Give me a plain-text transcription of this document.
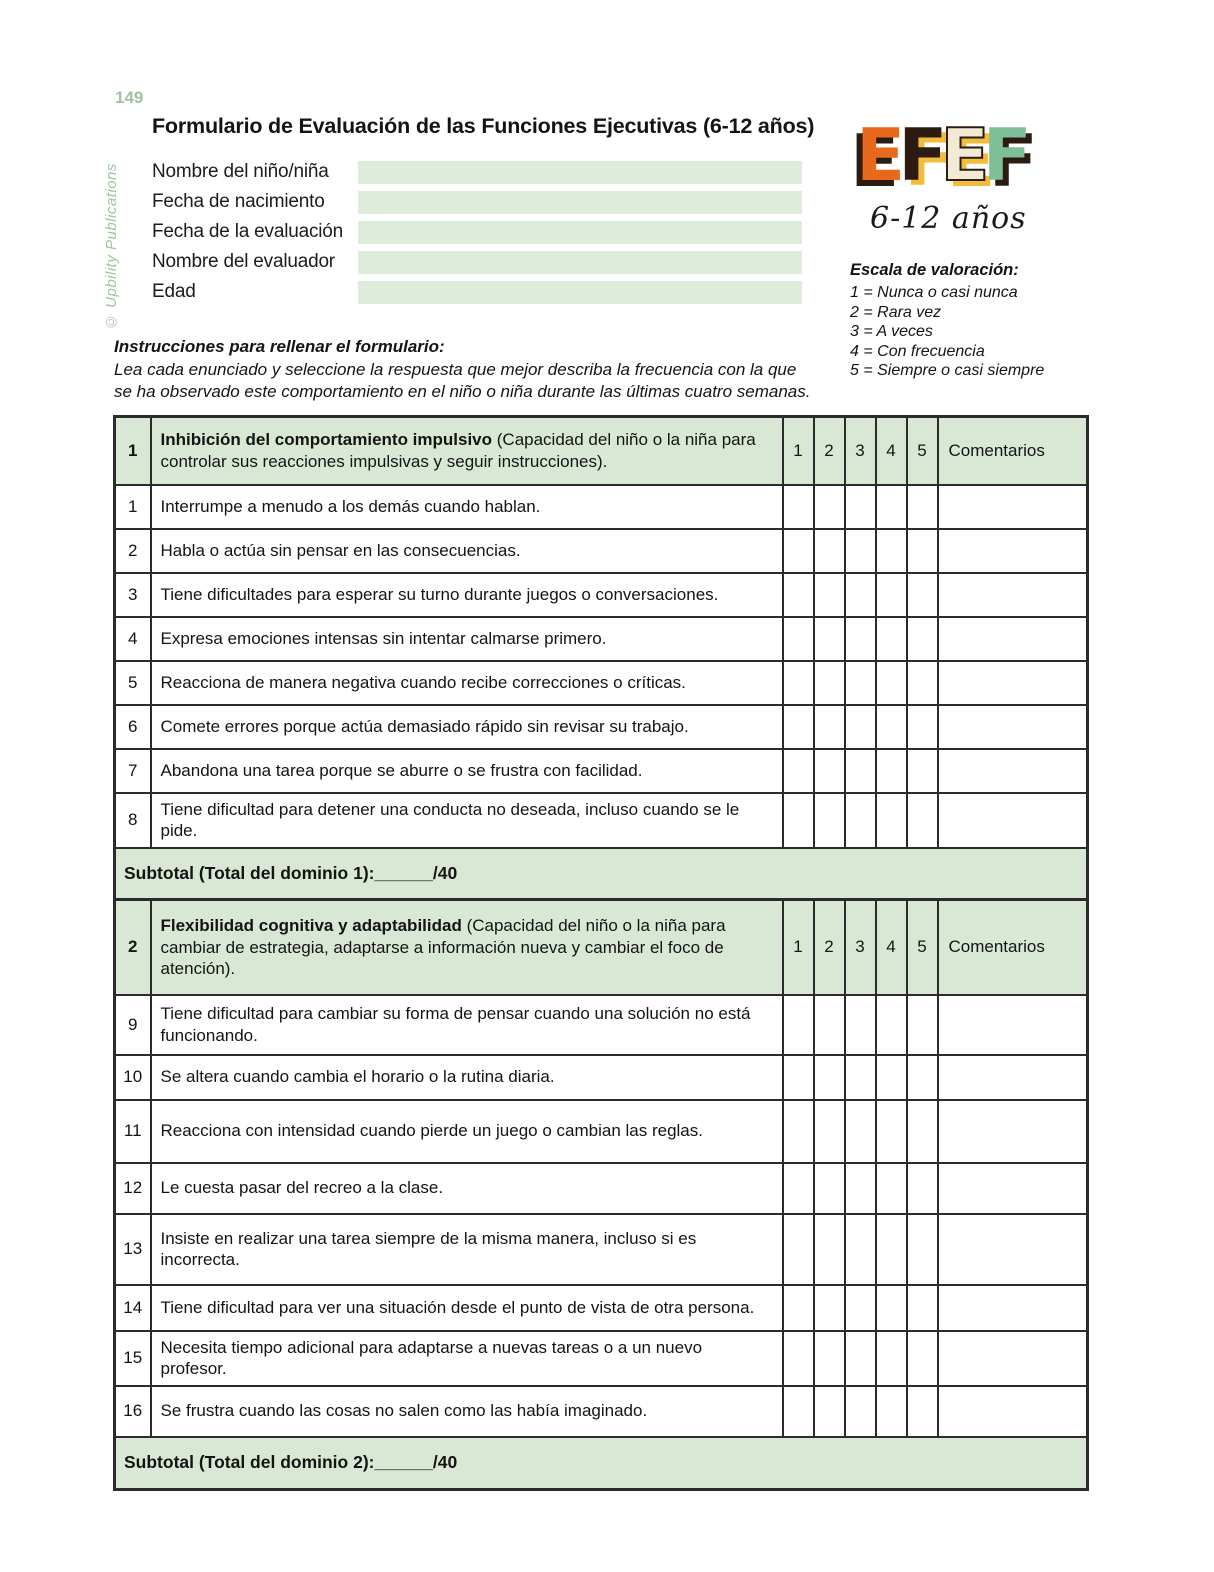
149
© Upbility Publications
Formulario de Evaluación de las Funciones Ejecutivas (6-12 años)
Nombre del niño/niña
Fecha de nacimiento
Fecha de la evaluación
Nombre del evaluador
Edad
EFEF
6-12 años
Escala de valoración:
1 = Nunca o casi nunca
2 = Rara vez
3 = A veces
4 = Con frecuencia
5 = Siempre o casi siempre
Instrucciones para rellenar el formulario:
Lea cada enunciado y seleccione la respuesta que mejor describa la frecuencia con la que se ha observado este comportamiento en el niño o niña durante las últimas cuatro semanas.
1	Inhibición del comportamiento impulsivo (Capacidad del niño o la niña para controlar sus reacciones impulsivas y seguir instrucciones).	1	2	3	4	5	Comentarios
1	Interrumpe a menudo a los demás cuando hablan.						
2	Habla o actúa sin pensar en las consecuencias.						
3	Tiene dificultades para esperar su turno durante juegos o conversaciones.						
4	Expresa emociones intensas sin intentar calmarse primero.						
5	Reacciona de manera negativa cuando recibe correcciones o críticas.						
6	Comete errores porque actúa demasiado rápido sin revisar su trabajo.						
7	Abandona una tarea porque se aburre o se frustra con facilidad.						
8	Tiene dificultad para detener una conducta no deseada, incluso cuando se le pide.						
Subtotal (Total del dominio 1):______/40							
2	Flexibilidad cognitiva y adaptabilidad (Capacidad del niño o la niña para cambiar de estrategia, adaptarse a información nueva y cambiar el foco de atención).	1	2	3	4	5	Comentarios
9	Tiene dificultad para cambiar su forma de pensar cuando una solución no está funcionando.						
10	Se altera cuando cambia el horario o la rutina diaria.						
11	Reacciona con intensidad cuando pierde un juego o cambian las reglas.						
12	Le cuesta pasar del recreo a la clase.						
13	Insiste en realizar una tarea siempre de la misma manera, incluso si es incorrecta.						
14	Tiene dificultad para ver una situación desde el punto de vista de otra persona.						
15	Necesita tiempo adicional para adaptarse a nuevas tareas o a un nuevo profesor.						
16	Se frustra cuando las cosas no salen como las había imaginado.						
Subtotal (Total del dominio 2):______/40							
